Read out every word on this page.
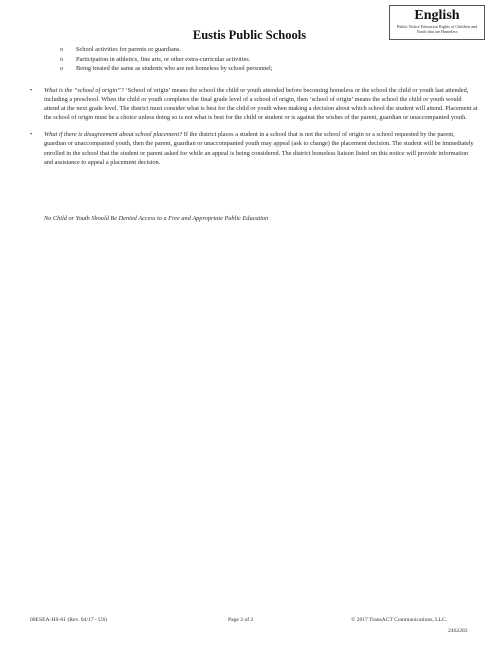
Eustis Public Schools
English
Public Notice Education Rights of Children and Youth that are Homeless
o School activities for parents or guardians.
o Participation in athletics, fine arts, or other extra-curricular activities.
o Being treated the same as students who are not homeless by school personnel;
• What is the “school of origin”? ‘School of origin’ means the school the child or youth attended before becoming homeless or the school the child or youth last attended, including a preschool. When the child or youth completes the final grade level of a school of origin, then ‘school of origin’ means the school the child or youth would attend at the next grade level. The district must consider what is best for the child or youth when making a decision about which school the student will attend. Placement at the school of origin must be a choice unless doing so is not what is best for the child or student or is against the wishes of the parent, guardian or unaccompanied youth.
• What if there is disagreement about school placement? If the district places a student in a school that is not the school of origin or a school requested by the parent, guardian or unaccompanied youth, then the parent, guardian or unaccompanied youth may appeal (ask to change) the placement decision. The student will be immediately enrolled in the school that the student or parent asked for while an appeal is being considered. The district homeless liaison listed on this notice will provide information and assistance to appeal a placement decision.
No Child or Youth Should Be Denied Access to a Free and Appropriate Public Education
00ESEA-HS-01 (Rev. 04/17 - US)	Page 2 of 2	© 2017 TransACT Communications, LLC.
2462283
